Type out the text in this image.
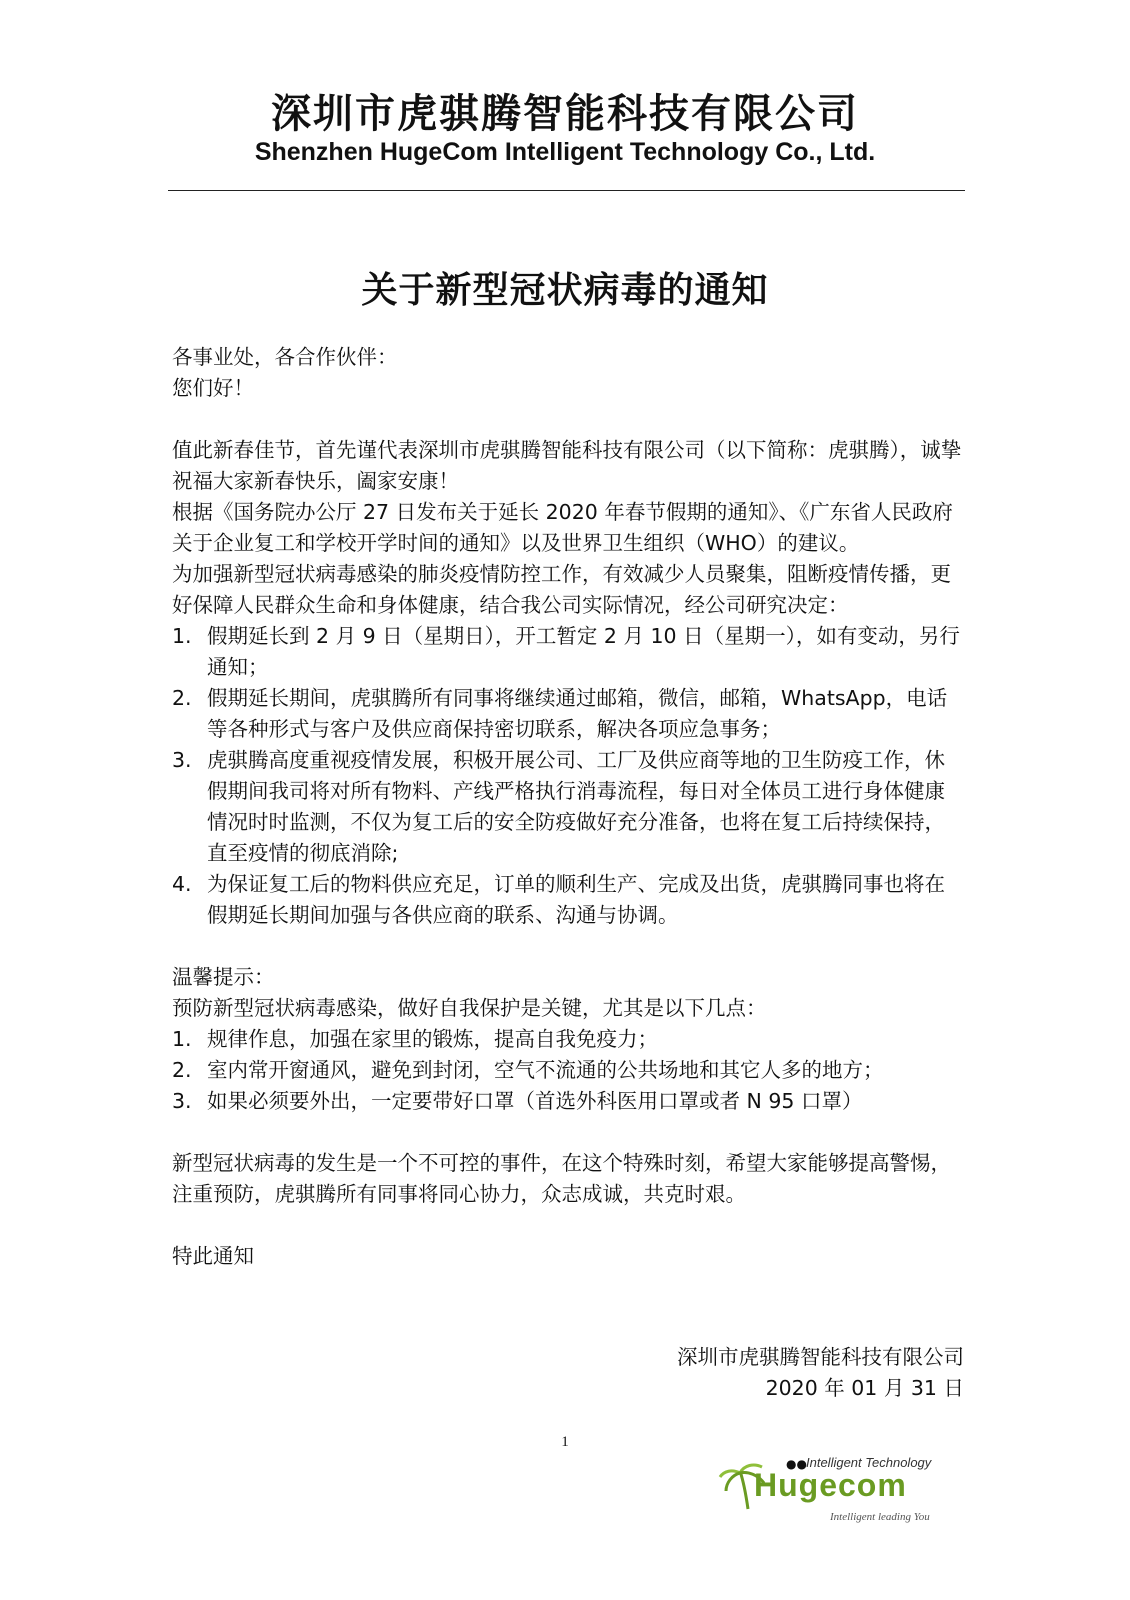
深圳市虎骐腾智能科技有限公司
Shenzhen HugeCom Intelligent Technology Co., Ltd.
关于新型冠状病毒的通知

各事业处，各合作伙伴：

您们好！

值此新春佳节，首先谨代表深圳市虎骐腾智能科技有限公司（以下简称：虎骐腾），诚挚祝福大家新春快乐，阖家安康！

根据《国务院办公厅 27 日发布关于延长 2020 年春节假期的通知》、《广东省人民政府关于企业复工和学校开学时间的通知》以及世界卫生组织（WHO）的建议。

为加强新型冠状病毒感染的肺炎疫情防控工作，有效减少人员聚集，阻断疫情传播，更好保障人民群众生命和身体健康，结合我公司实际情况，经公司研究决定：

1. 假期延长到 2 月 9 日（星期日），开工暂定 2 月 10 日（星期一），如有变动，另行通知；
2. 假期延长期间，虎骐腾所有同事将继续通过邮箱，微信，邮箱，WhatsApp，电话等各种形式与客户及供应商保持密切联系，解决各项应急事务；
3. 虎骐腾高度重视疫情发展，积极开展公司、工厂及供应商等地的卫生防疫工作，休假期间我司将对所有物料、产线严格执行消毒流程，每日对全体员工进行身体健康情况时时监测，不仅为复工后的安全防疫做好充分准备，也将在复工后持续保持，直至疫情的彻底消除;
4. 为保证复工后的物料供应充足，订单的顺利生产、完成及出货，虎骐腾同事也将在假期延长期间加强与各供应商的联系、沟通与协调。

温馨提示：

预防新型冠状病毒感染，做好自我保护是关键，尤其是以下几点：

1. 规律作息，加强在家里的锻炼，提高自我免疫力；
2. 室内常开窗通风，避免到封闭，空气不流通的公共场地和其它人多的地方；
3. 如果必须要外出，一定要带好口罩（首选外科医用口罩或者 N 95 口罩）

新型冠状病毒的发生是一个不可控的事件，在这个特殊时刻，希望大家能够提高警惕，注重预防，虎骐腾所有同事将同心协力，众志成诚，共克时艰。

特此通知

深圳市虎骐腾智能科技有限公司
2020 年 01 月 31 日
1
●● Intelligent Technology
Hugecom
Intelligent leading You
